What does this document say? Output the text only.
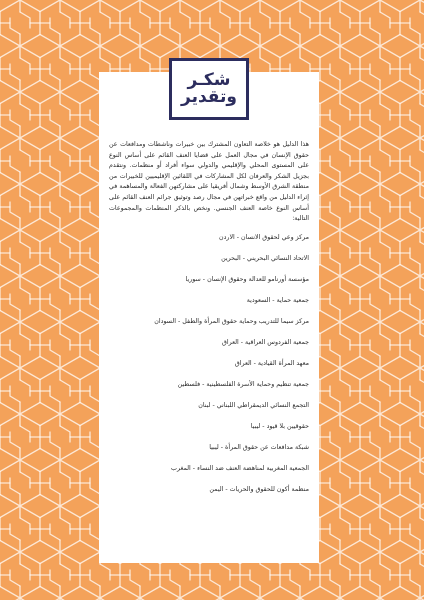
شكـر
وتقدير

هذا الدليل هو خلاصة التعاون المشترك بين خبيرات وناشطات ومدافعات عن حقوق الإنسان في مجال العمل على قضايا العنف القائم على أساس النوع على المستوى المحلي والإقليمي والدولي سواء أفراد أو منظمات. ونتقدم بجزيل الشكر والعرفان لكل المشاركات في اللقائين الإقليميين للخبيرات من منطقة الشرق الأوسط وشمال أفريقيا على مشاركتهن الفعالة والمساهمة في إثراء الدليل من واقع خبراتهن في مجال رصد وتوثيق جرائم العنف القائم على أساس النوع خاصة العنف الجنسي. ونخص بالذكر المنظمات والمجموعات التالية:

مركز وعي لحقوق الانسان - الاردن
الاتحاد النسائي البحريني - البحرين
مؤسسة أورنامو للعدالة وحقوق الإنسان - سوريا
جمعية حماية - السعودية
مركز سيما للتدريب وحماية حقوق المرأة والطفل - السودان
جمعية الفردوس العراقية - العراق
معهد المرأة القيادية - العراق
جمعية تنظيم وحماية الأسرة الفلسطينية - فلسطين
التجمع النسائي الديمقراطي اللبناني - لبنان
حقوقيين بلا قيود - ليبيا
شبكة مدافعات عن حقوق المرأة - ليبيا
الجمعية المغربية لمناهضة العنف ضد النساء - المغرب
منظمة أكون للحقوق والحريات - اليمن
